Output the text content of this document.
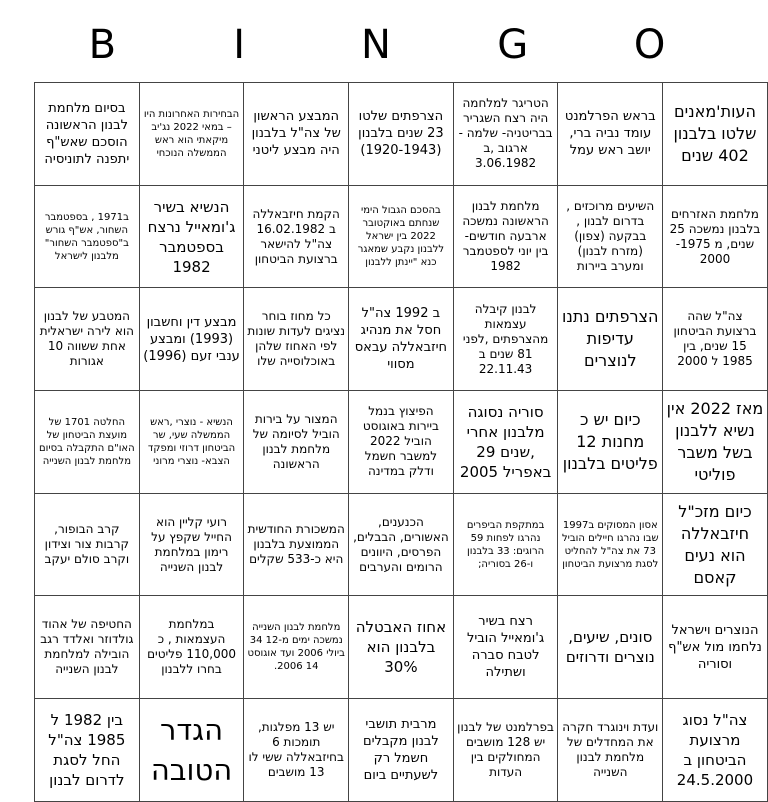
B	I	N	G	O
העות'מאנים שלטו בלבנון 402 שנים	בראש הפרלמנט עומד נביה ברי, יושב ראש עמל	הטריגר למלחמה היה רצח השגריר בבריטניה- שלמה - ארגוב ,ב 3.06.1982	הצרפתים שלטו 23 שנים בלבנון (1920-1943)	המבצע הראשון של צה"ל בלבנון היה מבצע ליטני	הבחירות האחרונות היו – במאי 2022 נג'יב מיקאתי הוא ראש הממשלה הנוכחי	בסיום מלחמת לבנון הראשונה הוסכם שאש"ף יתפנה לתוניסיה
מלחמת האזרחים בלבנון נמשכה 25 שנים, מ 1975- 2000	השיעים מרוכזים , בדרום לבנון , בבקעה (צפון) (מזרח לבנון) ומערב ביירות	מלחמת לבנון הראשונה נמשכה ארבעה חודשים- בין יוני לספטמבר 1982	בהסכם הגבול הימי שנחתם באוקטובר 2022 בין ישראל ללבנון נקבע שמאגר כנא "יינתן ללבנון	הקמת חיזבאללה ב 16.02.1982 צה"ל להישאר ברצועת הביטחון	הנשיא בשיר ג'ומאייל נרצח בספטמבר 1982	ב1971 , בספטמבר השחור, אש"ף גורש ב"ספטמבר השחור" מלבנון לישראל
צה"ל שהה ברצועת הביטחון 15 שנים, בין 1985 ל 2000	הצרפתים נתנו עדיפות לנוצרים	לבנון קיבלה עצמאות מהצרפתים ,לפני 81 שנים ב 22.11.43	ב 1992 צה"ל חסל את מנהיג חיזבאללה עבאס מסווי	כל מחוז בוחר נציגים לעדות שונות לפי האחוז שלהן באוכלוסייה שלו	מבצע דין וחשבון (1993) ומבצע ענבי זעם (1996)	המטבע של לבנון הוא לירה ישראלית אחת ששווה 10 אגורות
מאז 2022 אין נשיא ללבנון בשל משבר פוליטי	כיום יש כ מחנות 12 פליטים בלבנון	סוריה נסוגה מלבנון אחרי ,שנים 29 באפריל 2005	הפיצוץ בנמל ביירות באוגוסט הוביל 2022 למשבר חשמל ודלק במדינה	המצור על בירות הוביל לסיומה של מלחמת לבנון הראשונה	הנשיא - נוצרי ,ראש הממשלה שעי, שר הביטחון דרוזי ומפקד הצבא- נוצרי מרוני	החלטה 1701 של מועצת הביטחון של האו"ם התקבלה בסיום מלחמת לבנון השנייה
כיום מזכ"ל חיזבאללה הוא נעים קאסם	אסון המסוקים ב1997 שבו נהרגו חיילים הוביל 73 את צה"ל להחליט לסגת מרצועת הביטחון	במתקפת הביפרים נהרגו לפחות 59 הרוגים: 33 בלבנון ו-26 בסוריה;	הכנענים, האשורים, הבבלים, הפרסים, היוונים הרומים והערבים	המשכורת החודשית הממוצעת בלבנון היא כ-533 שקלים	רועי קליין הוא החייל שקפץ על רימון במלחמת לבנון השנייה	קרב הבופור, קרבות צור וצידון וקרב סולם יעקב
הנוצרים וישראל נלחמו מול אש"ף וסוריה	סונים, שיעים, נוצרים ודרוזים	רצח בשיר ג'ומאייל הוביל לטבח סברה ושתילה	אחוז האבטלה בלבנון הוא 30%	מלחמת לבנון השנייה נמשכה ימים מ-12 34 ביולי 2006 ועד אוגוסט 14 2006.	במלחמת העצמאות , כ 110,000 פליטים בחרו ללבנון	החטיפה של אהוד גולדוזר ואלדד רגב הובילה למלחמת לבנון השנייה
צה"ל נסוג מרצועת הביטחון ב 24.5.2000	ועדת וינוגרד חקרה את המחדלים של מלחמת לבנון השנייה	בפרלמנט של לבנון יש 128 מושבים המחולקים בין העדות	מרבית תושבי לבנון מקבלים חשמל רק לשעתיים ביום	יש 13 מפלגות, תומכות 6 בחיזבאללה ששי לו 13 מושבים	הגדר הטובה	בין 1982 ל 1985 צה"ל החל לסגת לדרום לבנון
